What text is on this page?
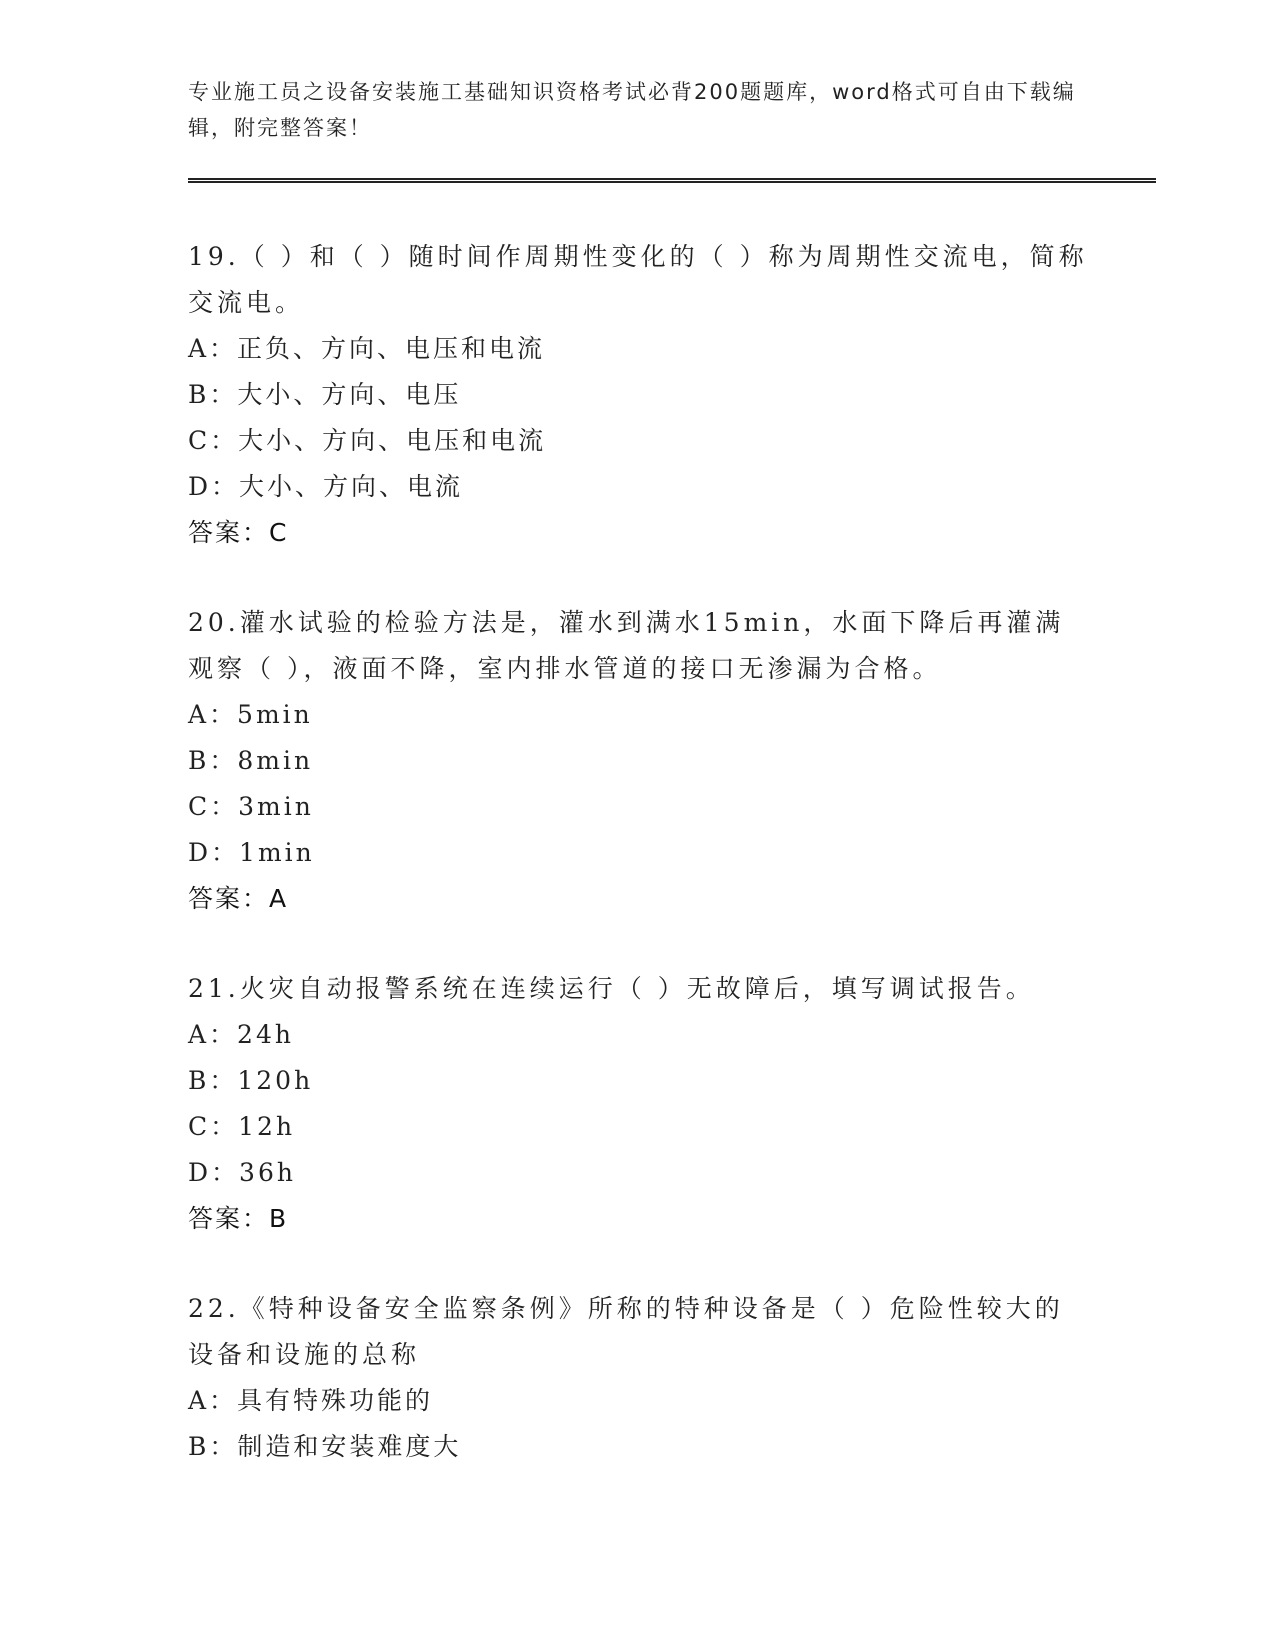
专业施工员之设备安装施工基础知识资格考试必背200题题库，word格式可自由下载编辑，附完整答案！
19.（ ）和（ ）随时间作周期性变化的（ ）称为周期性交流电，简称交流电。
A：正负、方向、电压和电流
B：大小、方向、电压
C：大小、方向、电压和电流
D：大小、方向、电流
答案：C
20.灌水试验的检验方法是，灌水到满水15min，水面下降后再灌满观察（ ），液面不降，室内排水管道的接口无渗漏为合格。
A：5min
B：8min
C：3min
D：1min
答案：A
21.火灾自动报警系统在连续运行（ ）无故障后，填写调试报告。
A：24h
B：120h
C：12h
D：36h
答案：B
22.《特种设备安全监察条例》所称的特种设备是（ ）危险性较大的设备和设施的总称
A：具有特殊功能的
B：制造和安装难度大
